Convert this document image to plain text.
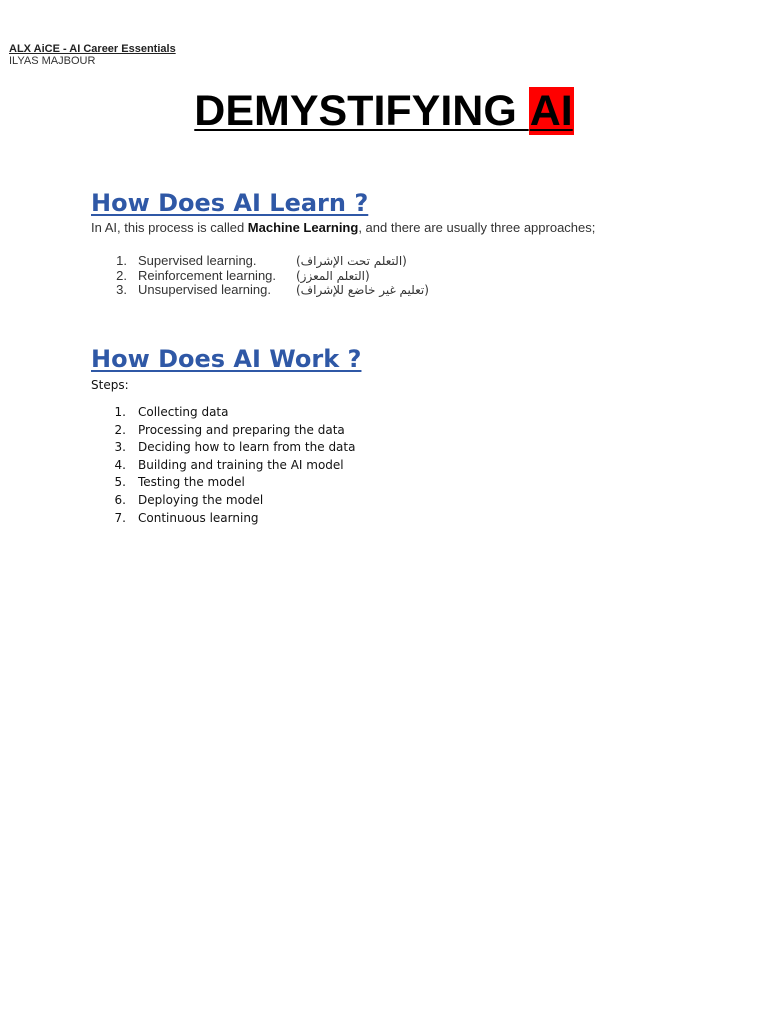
ALX AiCE - AI Career Essentials
ILYAS MAJBOUR
DEMYSTIFYING AI
How Does AI Learn ?
In AI, this process is called Machine Learning, and there are usually three approaches;
1. Supervised learning.	(التعلم تحت الإشراف)
2. Reinforcement learning. (التعلم المعزز)
3. Unsupervised learning. (تعليم غير خاضع للإشراف)
How Does AI Work ?
Steps:
1. Collecting data
2. Processing and preparing the data
3. Deciding how to learn from the data
4. Building and training the AI model
5. Testing the model
6. Deploying the model
7. Continuous learning
